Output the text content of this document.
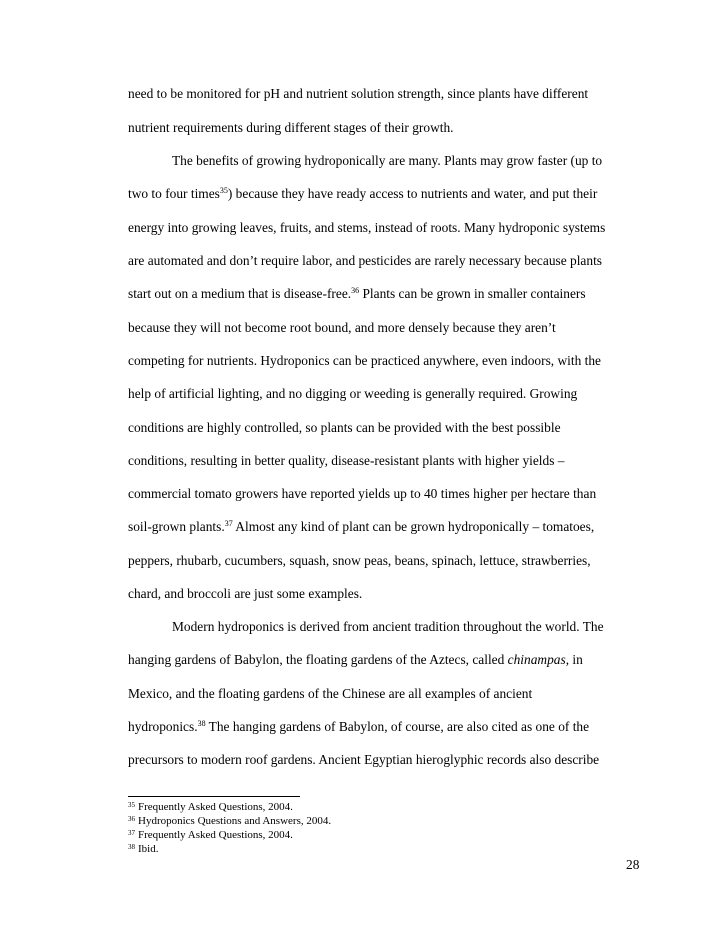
need to be monitored for pH and nutrient solution strength, since plants have different
nutrient requirements during different stages of their growth.
The benefits of growing hydroponically are many. Plants may grow faster (up to
two to four times$^{35}$) because they have ready access to nutrients and water, and put their
energy into growing leaves, fruits, and stems, instead of roots. Many hydroponic systems
are automated and don’t require labor, and pesticides are rarely necessary because plants
start out on a medium that is disease-free.$^{36}$ Plants can be grown in smaller containers
because they will not become root bound, and more densely because they aren’t
competing for nutrients. Hydroponics can be practiced anywhere, even indoors, with the
help of artificial lighting, and no digging or weeding is generally required. Growing
conditions are highly controlled, so plants can be provided with the best possible
conditions, resulting in better quality, disease-resistant plants with higher yields –
commercial tomato growers have reported yields up to 40 times higher per hectare than
soil-grown plants.$^{37}$ Almost any kind of plant can be grown hydroponically – tomatoes,
peppers, rhubarb, cucumbers, squash, snow peas, beans, spinach, lettuce, strawberries,
chard, and broccoli are just some examples.
Modern hydroponics is derived from ancient tradition throughout the world. The
hanging gardens of Babylon, the floating gardens of the Aztecs, called chinampas, in
Mexico, and the floating gardens of the Chinese are all examples of ancient
hydroponics.$^{38}$ The hanging gardens of Babylon, of course, are also cited as one of the
precursors to modern roof gardens. Ancient Egyptian hieroglyphic records also describe
$^{35}$ Frequently Asked Questions, 2004.
$^{36}$ Hydroponics Questions and Answers, 2004.
$^{37}$ Frequently Asked Questions, 2004.
$^{38}$ Ibid.
28
